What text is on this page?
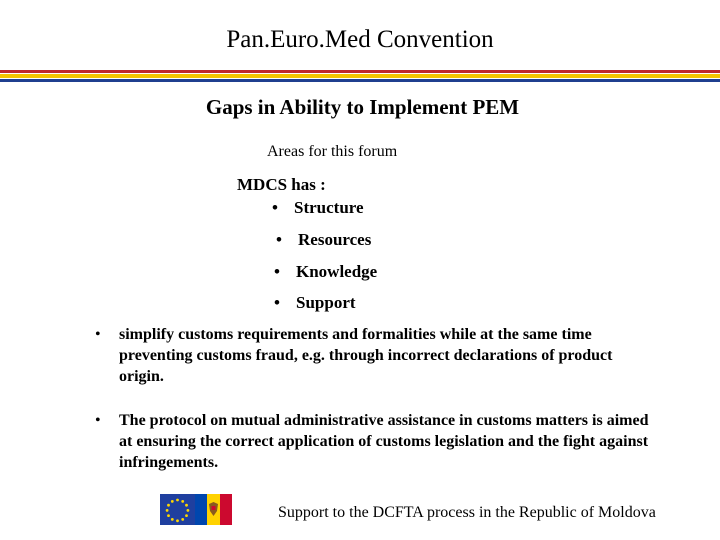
Pan.Euro.Med Convention
Gaps in Ability to Implement PEM
Areas for this forum
MDCS has :
• Structure
• Resources
• Knowledge
• Support
• simplify customs requirements and formalities while at the same time preventing customs fraud, e.g. through incorrect declarations of product origin.
• The protocol on mutual administrative assistance in customs matters is aimed at ensuring the correct application of customs legislation and the fight against infringements.
Support to the DCFTA process in the Republic of Moldova
